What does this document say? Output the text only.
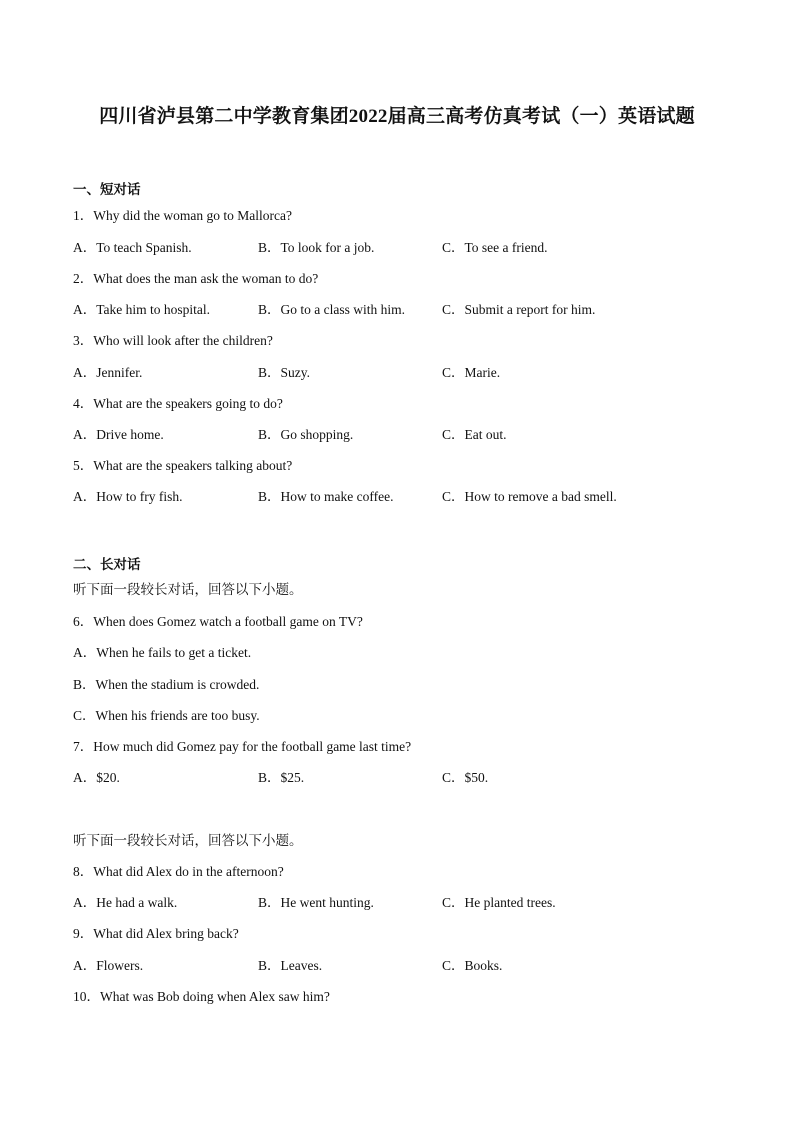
四川省泸县第二中学教育集团2022届高三高考仿真考试（一）英语试题
一、短对话
1．Why did the woman go to Mallorca?
A．To teach Spanish.	B．To look for a job.	C．To see a friend.
2．What does the man ask the woman to do?
A．Take him to hospital.	B．Go to a class with him.	C．Submit a report for him.
3．Who will look after the children?
A．Jennifer.	B．Suzy.	C．Marie.
4．What are the speakers going to do?
A．Drive home.	B．Go shopping.	C．Eat out.
5．What are the speakers talking about?
A．How to fry fish.	B．How to make coffee.	C．How to remove a bad smell.
二、长对话
听下面一段较长对话，回答以下小题。
6．When does Gomez watch a football game on TV?
A．When he fails to get a ticket.
B．When the stadium is crowded.
C．When his friends are too busy.
7．How much did Gomez pay for the football game last time?
A．$20.	B．$25.	C．$50.
听下面一段较长对话，回答以下小题。
8．What did Alex do in the afternoon?
A．He had a walk.	B．He went hunting.	C．He planted trees.
9．What did Alex bring back?
A．Flowers.	B．Leaves.	C．Books.
10．What was Bob doing when Alex saw him?
